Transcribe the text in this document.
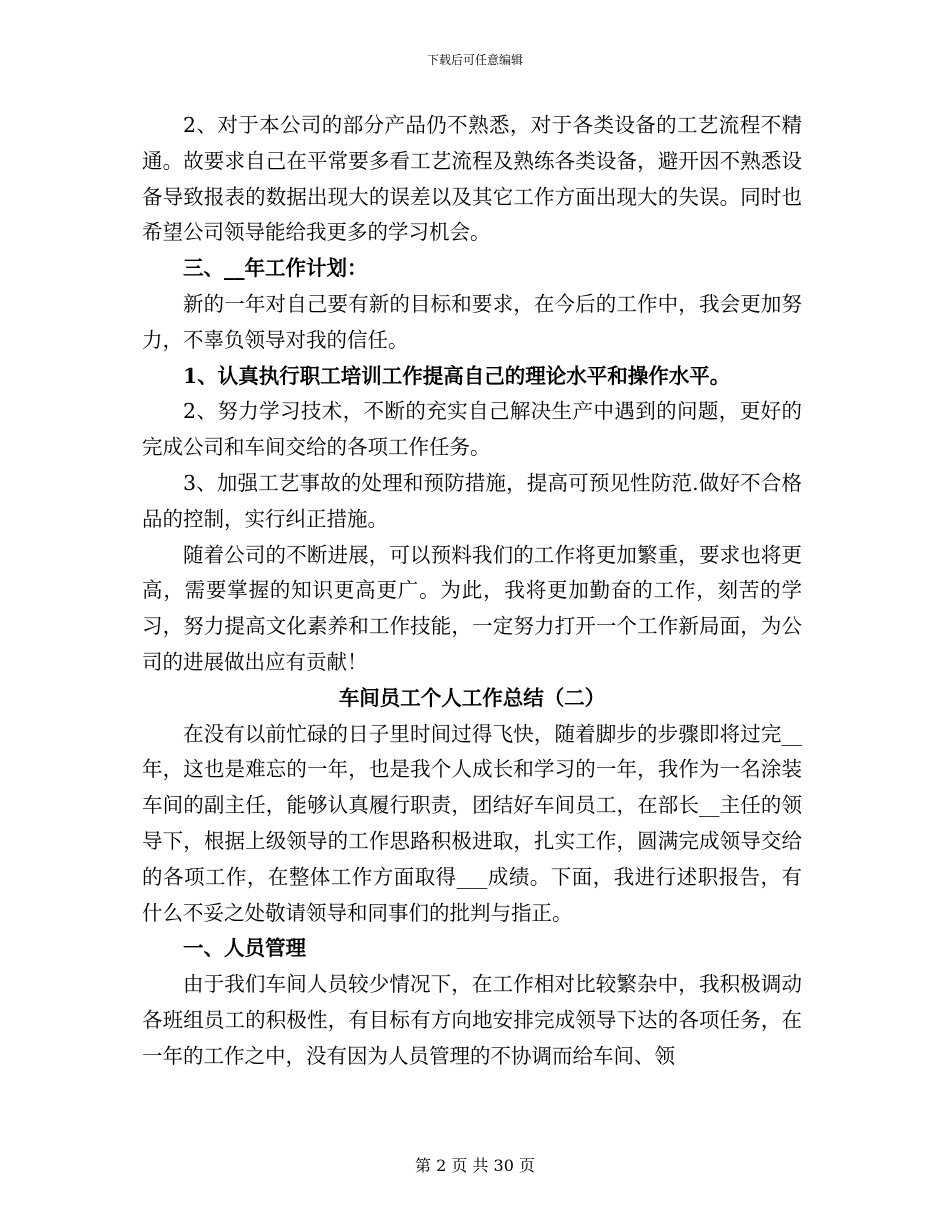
下载后可任意编辑

2、对于本公司的部分产品仍不熟悉，对于各类设备的工艺流程不精通。故要求自己在平常要多看工艺流程及熟练各类设备，避开因不熟悉设备导致报表的数据出现大的误差以及其它工作方面出现大的失误。同时也希望公司领导能给我更多的学习机会。

三、__年工作计划：

新的一年对自己要有新的目标和要求，在今后的工作中，我会更加努力，不辜负领导对我的信任。

1、认真执行职工培训工作提高自己的理论水平和操作水平。

2、努力学习技术，不断的充实自己解决生产中遇到的问题，更好的完成公司和车间交给的各项工作任务。

3、加强工艺事故的处理和预防措施，提高可预见性防范.做好不合格品的控制，实行纠正措施。

随着公司的不断进展，可以预料我们的工作将更加繁重，要求也将更高，需要掌握的知识更高更广。为此，我将更加勤奋的工作，刻苦的学习，努力提高文化素养和工作技能，一定努力打开一个工作新局面，为公司的进展做出应有贡献！

车间员工个人工作总结（二）

在没有以前忙碌的日子里时间过得飞快，随着脚步的步骤即将过完__年，这也是难忘的一年，也是我个人成长和学习的一年，我作为一名涂装车间的副主任，能够认真履行职责，团结好车间员工，在部长__主任的领导下，根据上级领导的工作思路积极进取，扎实工作，圆满完成领导交给的各项工作，在整体工作方面取得___成绩。下面，我进行述职报告，有什么不妥之处敬请领导和同事们的批判与指正。

一、人员管理

由于我们车间人员较少情况下，在工作相对比较繁杂中，我积极调动各班组员工的积极性，有目标有方向地安排完成领导下达的各项任务，在一年的工作之中，没有因为人员管理的不协调而给车间、领

第 2 页 共 30 页
